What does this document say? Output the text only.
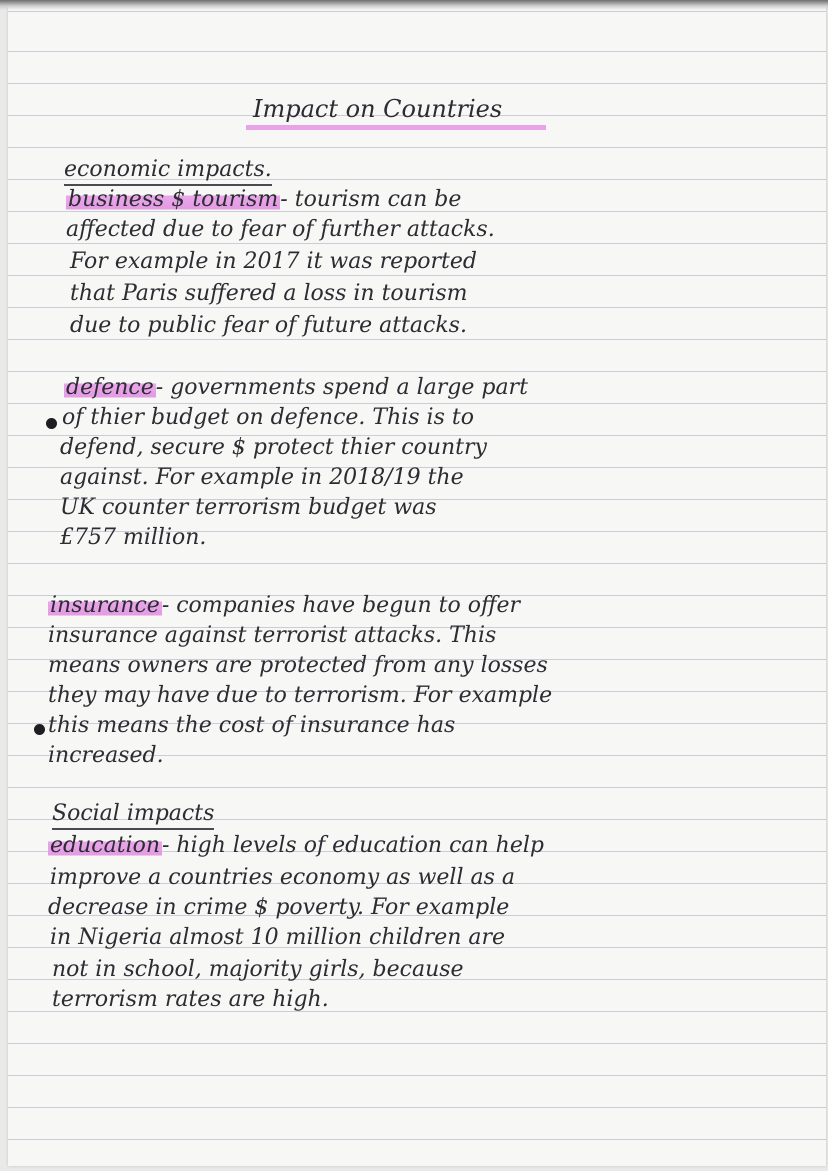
Impact on Countries
economic impacts.
business $ tourism- tourism can be
affected due to fear of further attacks.
For example in 2017 it was reported
that Paris suffered a loss in tourism
due to public fear of future attacks.
defence- governments spend a large part
of thier budget on defence. This is to
defend, secure $ protect thier country
against. For example in 2018/19 the
UK counter terrorism budget was
£757 million.
insurance- companies have begun to offer
insurance against terrorist attacks. This
means owners are protected from any losses
they may have due to terrorism. For example
this means the cost of insurance has
increased.
Social impacts
education- high levels of education can help
improve a countries economy as well as a
decrease in crime $ poverty. For example
in Nigeria almost 10 million children are
not in school, majority girls, because
terrorism rates are high.
